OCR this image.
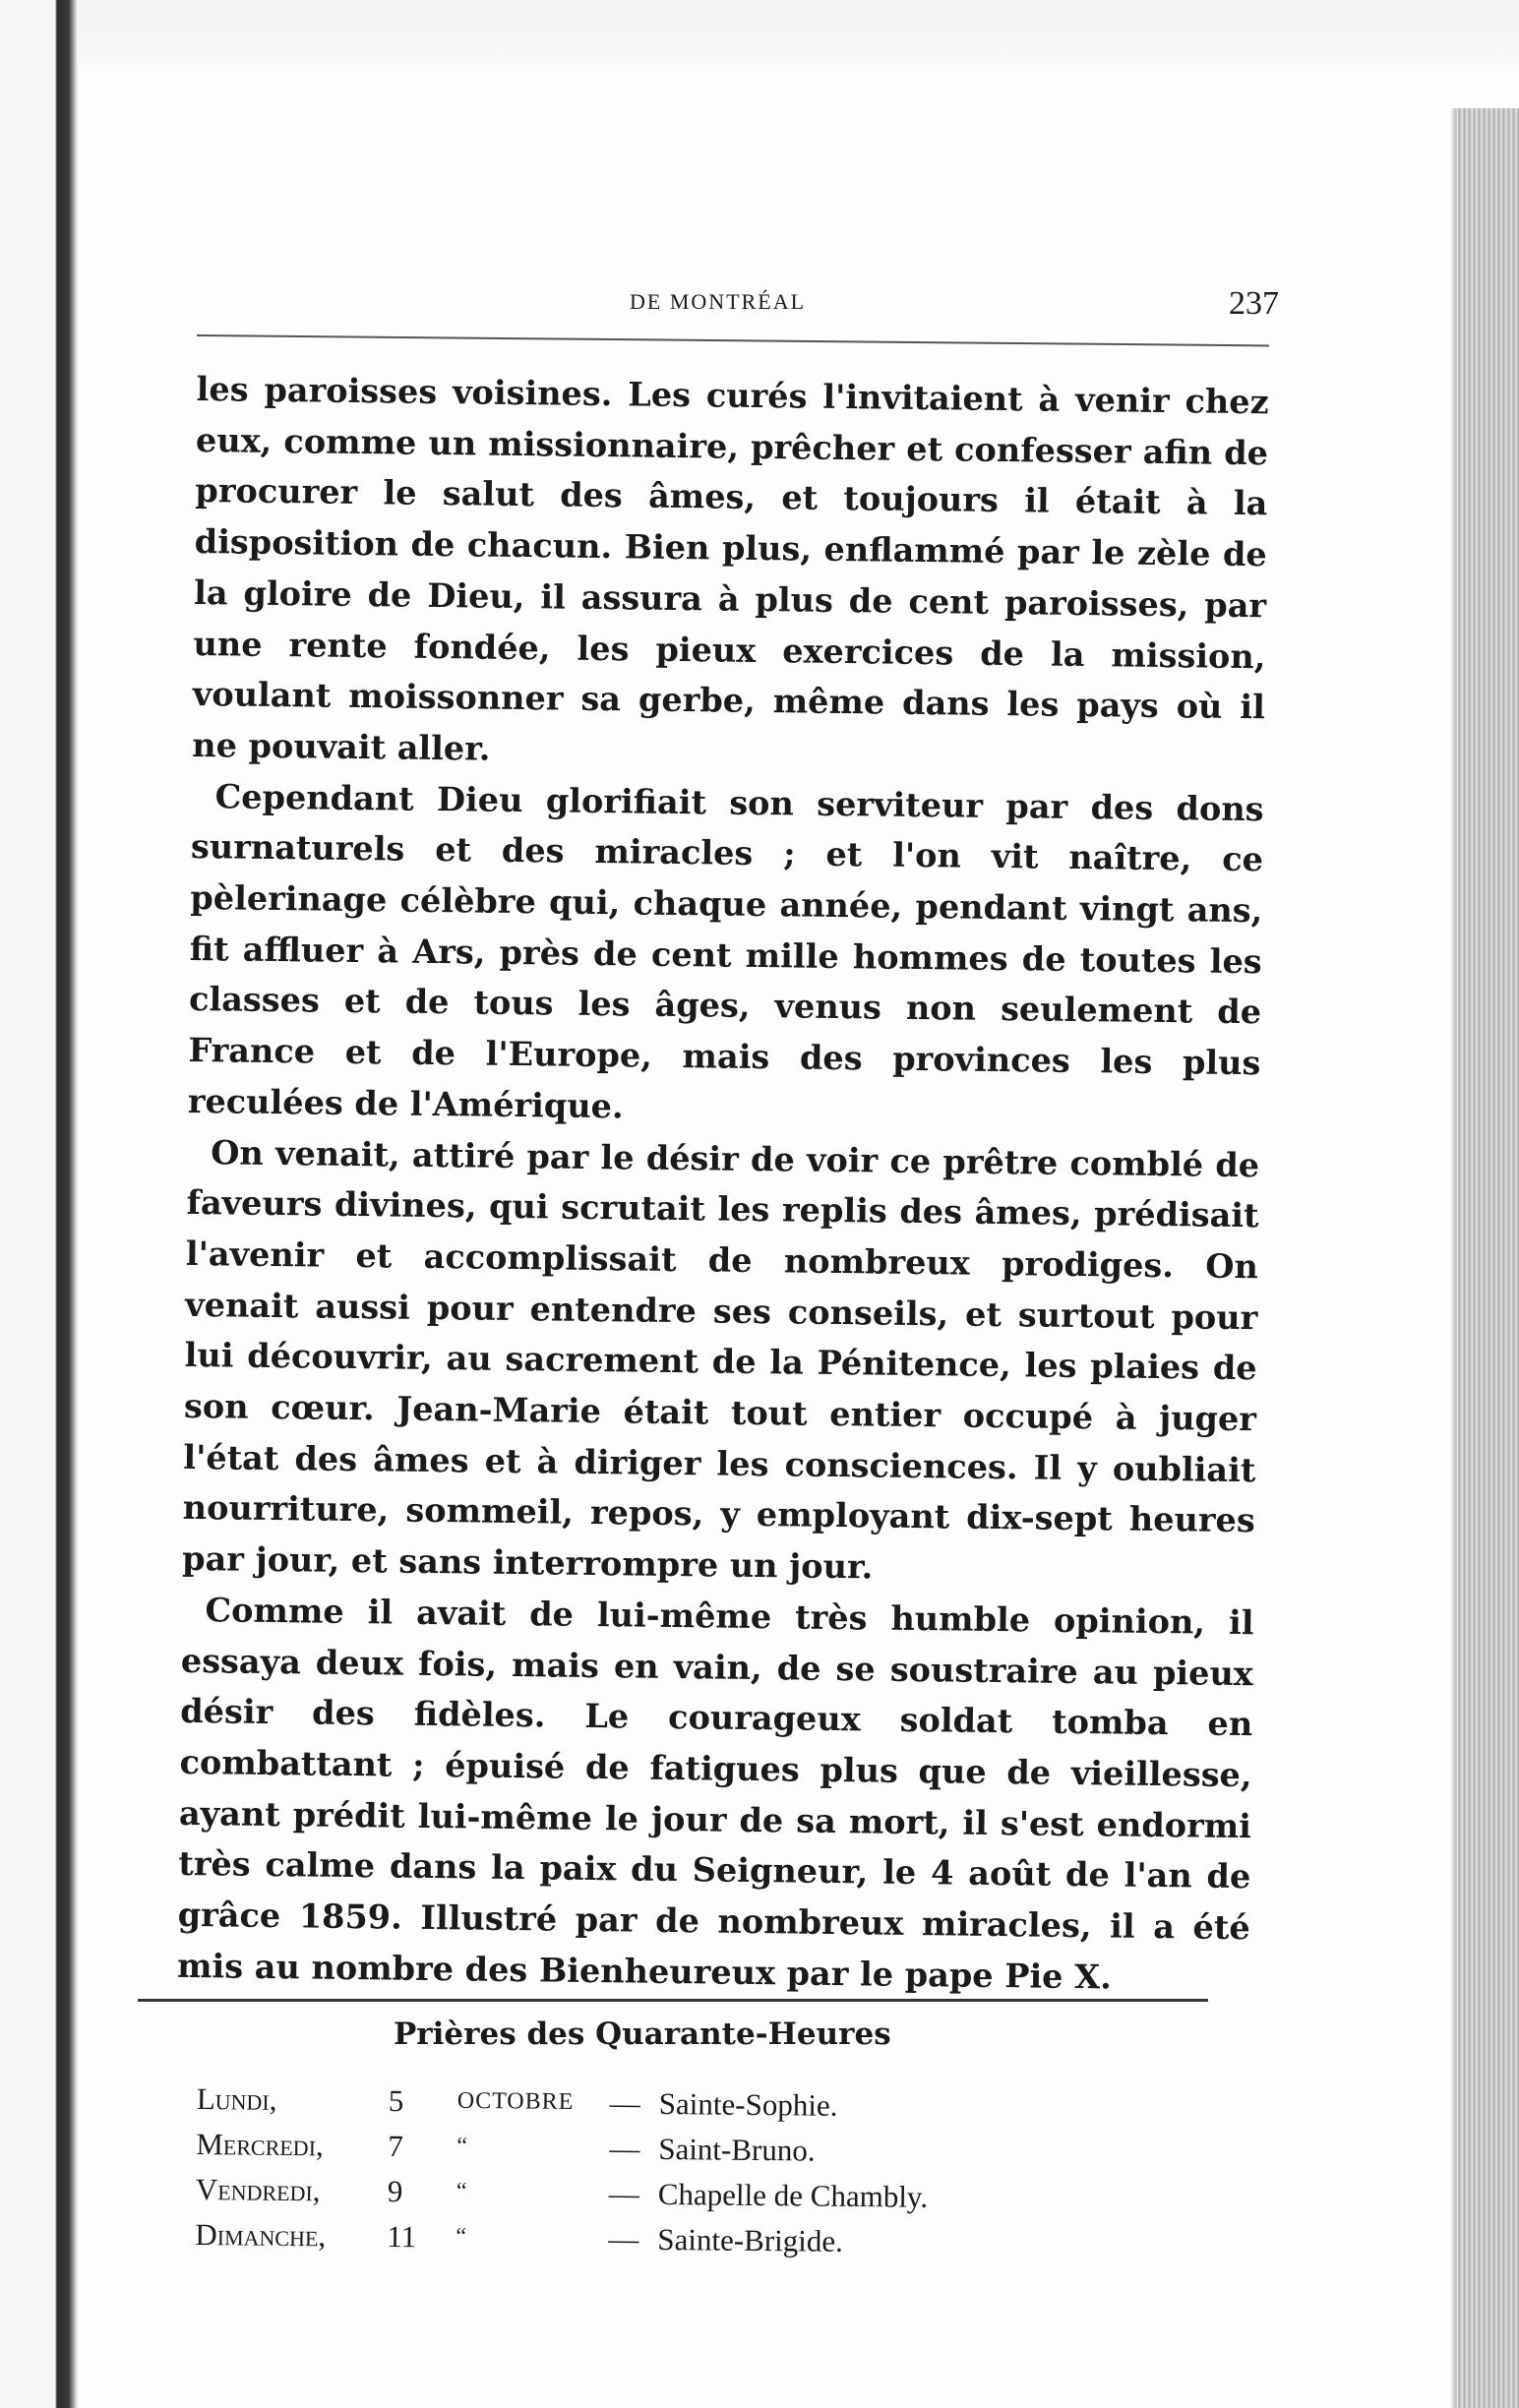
DE MONTRÉAL	237

les paroisses voisines. Les curés l'invitaient à venir chez eux, comme un missionnaire, prêcher et confesser afin de procurer le salut des âmes, et toujours il était à la disposition de chacun. Bien plus, enflammé par le zèle de la gloire de Dieu, il assura à plus de cent paroisses, par une rente fondée, les pieux exercices de la mission, voulant moissonner sa gerbe, même dans les pays où il ne pouvait aller.

Cependant Dieu glorifiait son serviteur par des dons surnaturels et des miracles ; et l'on vit naître, ce pèlerinage célèbre qui, chaque année, pendant vingt ans, fit affluer à Ars, près de cent mille hommes de toutes les classes et de tous les âges, venus non seulement de France et de l'Europe, mais des provinces les plus reculées de l'Amérique.

On venait, attiré par le désir de voir ce prêtre comblé de faveurs divines, qui scrutait les replis des âmes, prédisait l'avenir et accomplissait de nombreux prodiges. On venait aussi pour entendre ses conseils, et surtout pour lui découvrir, au sacrement de la Pénitence, les plaies de son cœur. Jean-Marie était tout entier occupé à juger l'état des âmes et à diriger les consciences. Il y oubliait nourriture, sommeil, repos, y employant dix-sept heures par jour, et sans interrompre un jour.

Comme il avait de lui-même très humble opinion, il essaya deux fois, mais en vain, de se soustraire au pieux désir des fidèles. Le courageux soldat tomba en combattant ; épuisé de fatigues plus que de vieillesse, ayant prédit lui-même le jour de sa mort, il s'est endormi très calme dans la paix du Seigneur, le 4 août de l'an de grâce 1859. Illustré par de nombreux miracles, il a été mis au nombre des Bienheureux par le pape Pie X.

Prières des Quarante-Heures
Lundi,	5 OCTOBRE — Sainte-Sophie.
Mercredi, 7 “	— Saint-Bruno.
Vendredi, 9 “	— Chapelle de Chambly.
Dimanche, 11 “	— Sainte-Brigide.
